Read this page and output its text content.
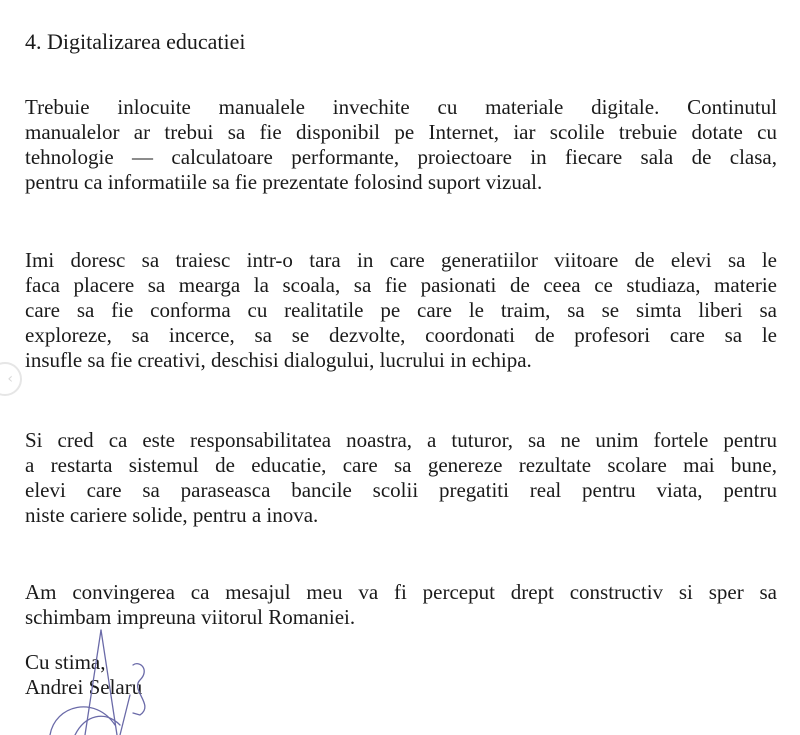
4. Digitalizarea educatiei
Trebuie inlocuite manualele invechite cu materiale digitale. Continutul
manualelor ar trebui sa fie disponibil pe Internet, iar scolile trebuie dotate cu
tehnologie — calculatoare performante, proiectoare in fiecare sala de clasa,
pentru ca informatiile sa fie prezentate folosind suport vizual.
Imi doresc sa traiesc intr-o tara in care generatiilor viitoare de elevi sa le
faca placere sa mearga la scoala, sa fie pasionati de ceea ce studiaza, materie
care sa fie conforma cu realitatile pe care le traim, sa se simta liberi sa
exploreze, sa incerce, sa se dezvolte, coordonati de profesori care sa le
insufle sa fie creativi, deschisi dialogului, lucrului in echipa.
Si cred ca este responsabilitatea noastra, a tuturor, sa ne unim fortele pentru
a restarta sistemul de educatie, care sa genereze rezultate scolare mai bune,
elevi care sa paraseasca bancile scolii pregatiti real pentru viata, pentru
niste cariere solide, pentru a inova.
Am convingerea ca mesajul meu va fi perceput drept constructiv si sper sa
schimbam impreuna viitorul Romaniei.
Cu stima,
Andrei Selaru
‹
